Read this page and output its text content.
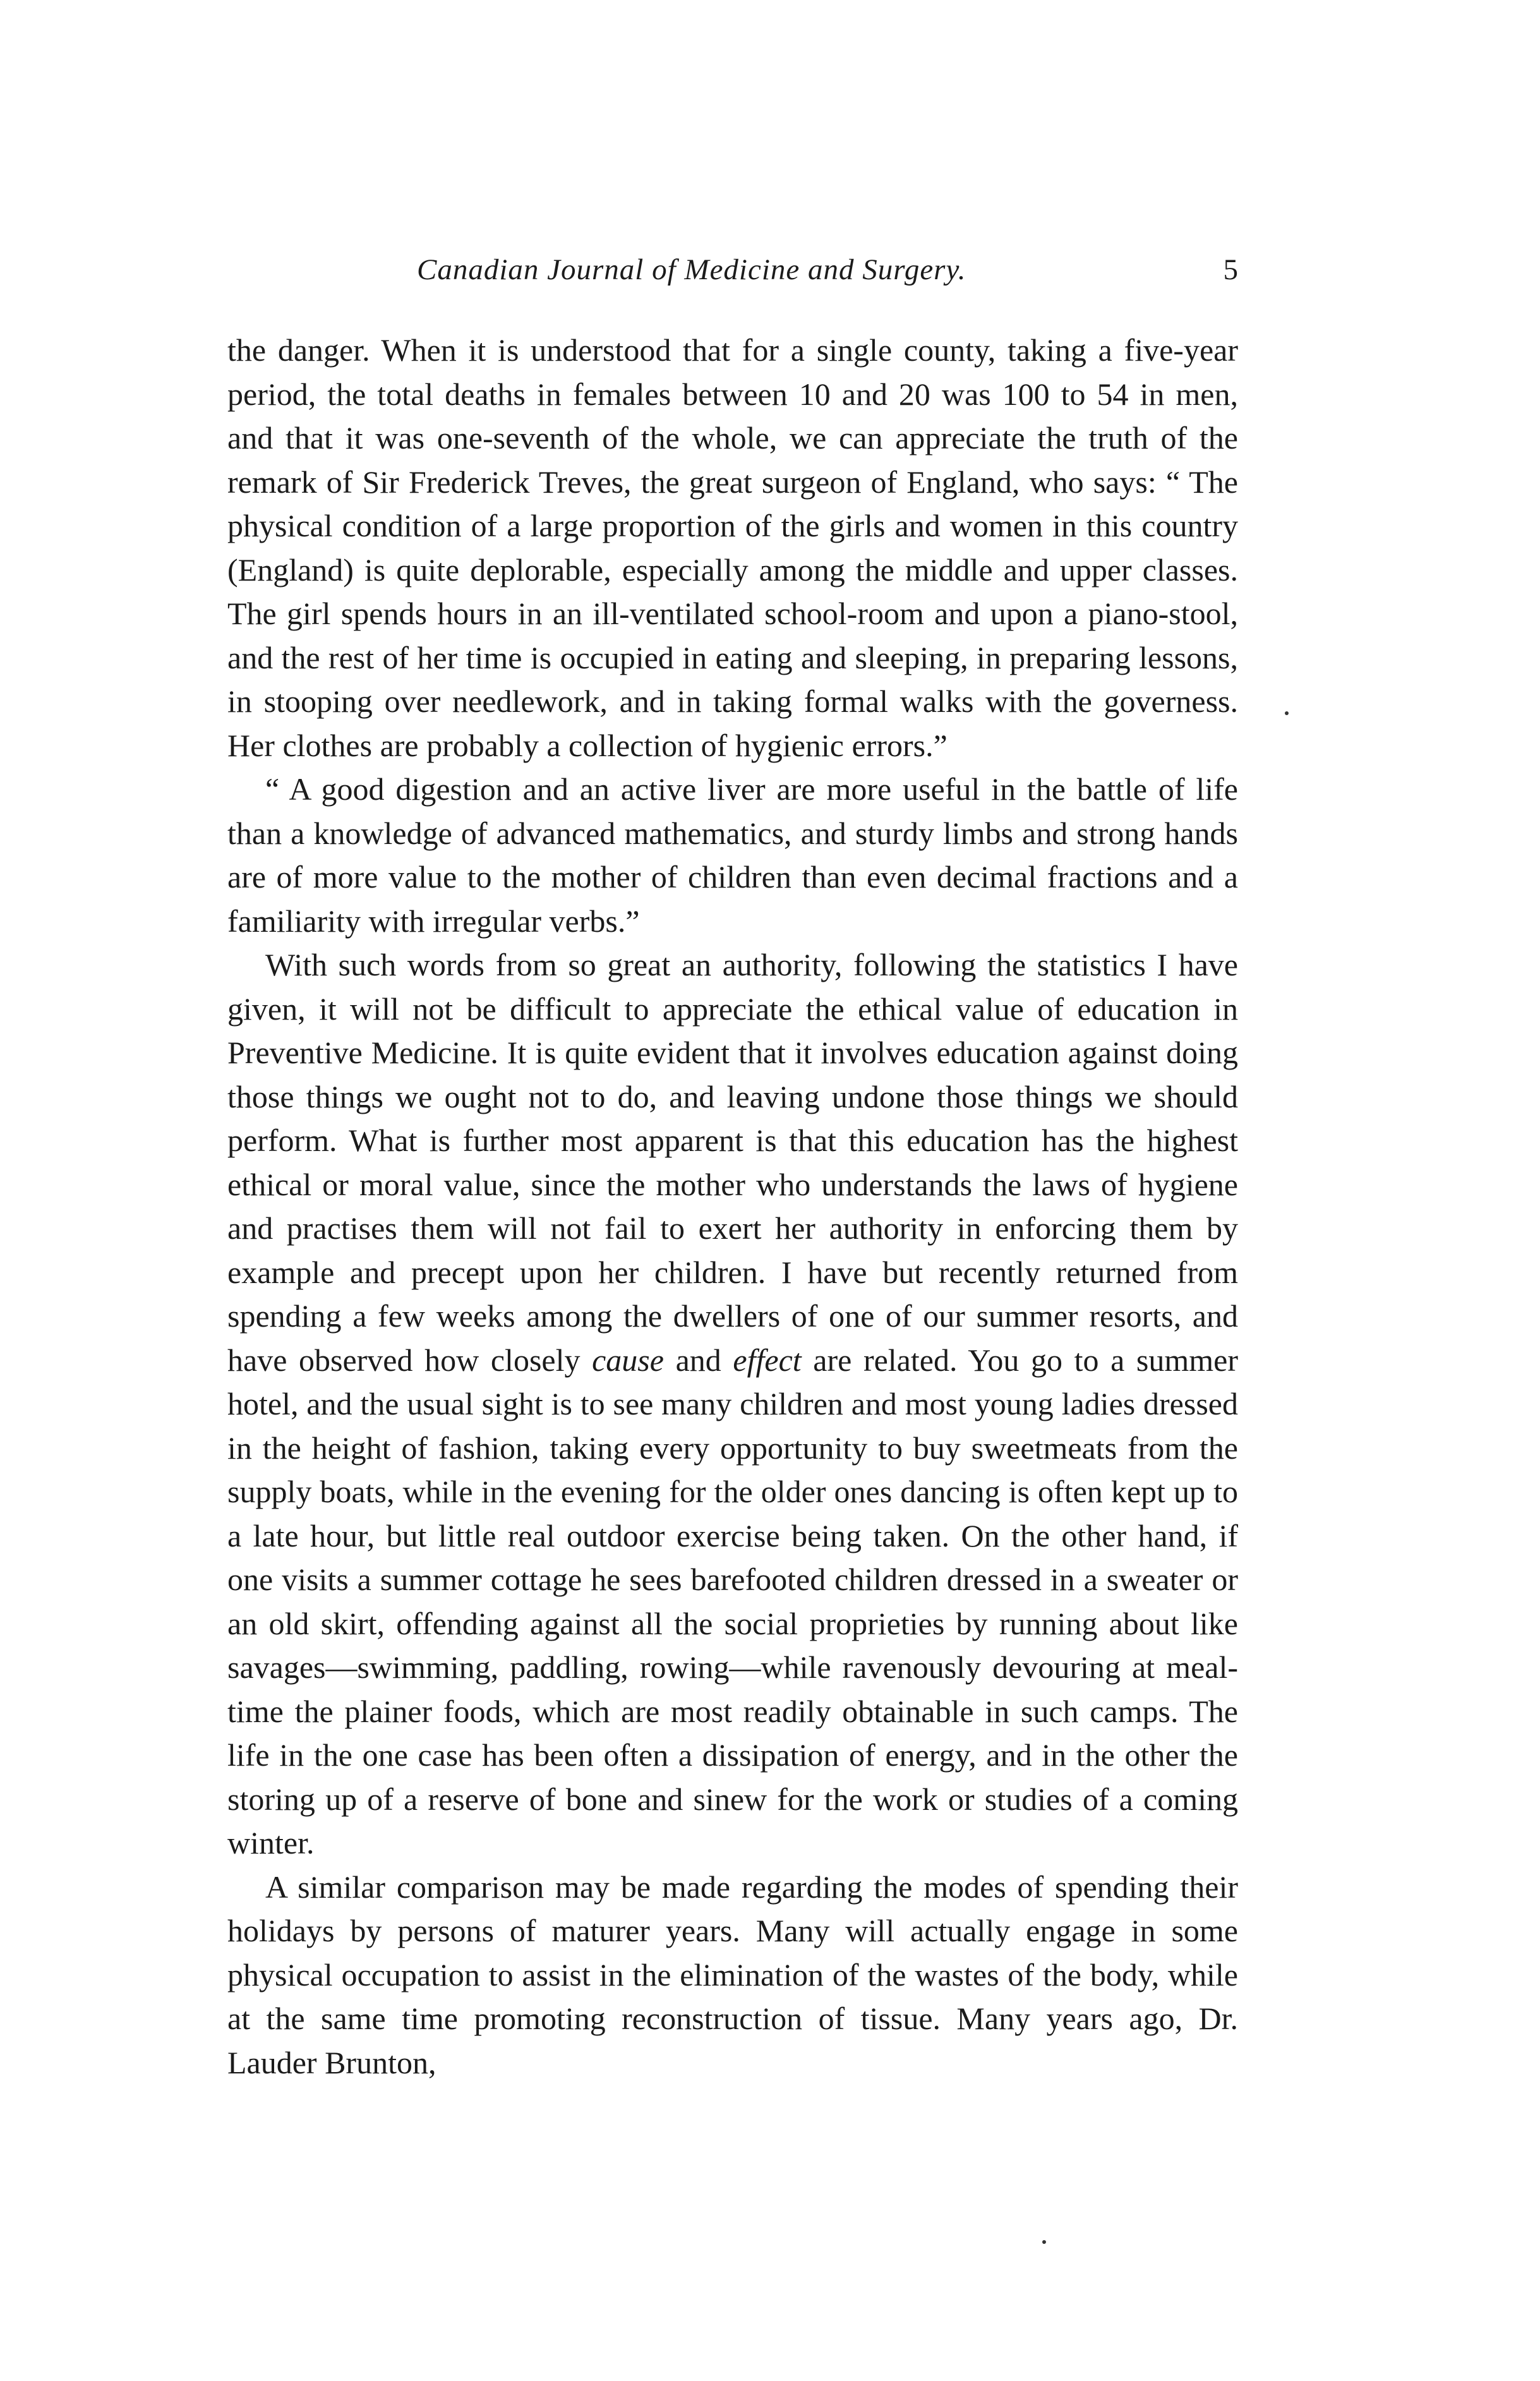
Canadian Journal of Medicine and Surgery.	5

the danger. When it is understood that for a single county, taking a five-year period, the total deaths in females between 10 and 20 was 100 to 54 in men, and that it was one-seventh of the whole, we can appreciate the truth of the remark of Sir Frederick Treves, the great surgeon of England, who says: “ The physical condition of a large proportion of the girls and women in this country (England) is quite deplorable, especially among the middle and upper classes. The girl spends hours in an ill-ventilated school-room and upon a piano-stool, and the rest of her time is occupied in eating and sleeping, in preparing lessons, in stooping over needlework, and in taking formal walks with the governess. Her clothes are probably a collection of hygienic errors.”

“ A good digestion and an active liver are more useful in the battle of life than a knowledge of advanced mathematics, and sturdy limbs and strong hands are of more value to the mother of children than even decimal fractions and a familiarity with irregular verbs.”

With such words from so great an authority, following the statistics I have given, it will not be difficult to appreciate the ethical value of education in Preventive Medicine. It is quite evident that it involves education against doing those things we ought not to do, and leaving undone those things we should perform. What is further most apparent is that this education has the highest ethical or moral value, since the mother who understands the laws of hygiene and practises them will not fail to exert her authority in enforcing them by example and precept upon her children. I have but recently returned from spending a few weeks among the dwellers of one of our summer resorts, and have observed how closely cause and effect are related. You go to a summer hotel, and the usual sight is to see many children and most young ladies dressed in the height of fashion, taking every opportunity to buy sweetmeats from the supply boats, while in the evening for the older ones dancing is often kept up to a late hour, but little real outdoor exercise being taken. On the other hand, if one visits a summer cottage he sees barefooted children dressed in a sweater or an old skirt, offending against all the social proprieties by running about like savages—swimming, paddling, rowing—while ravenously devouring at meal-time the plainer foods, which are most readily obtainable in such camps. The life in the one case has been often a dissipation of energy, and in the other the storing up of a reserve of bone and sinew for the work or studies of a coming winter.

A similar comparison may be made regarding the modes of spending their holidays by persons of maturer years. Many will actually engage in some physical occupation to assist in the elimination of the wastes of the body, while at the same time promoting reconstruction of tissue. Many years ago, Dr. Lauder Brunton,
